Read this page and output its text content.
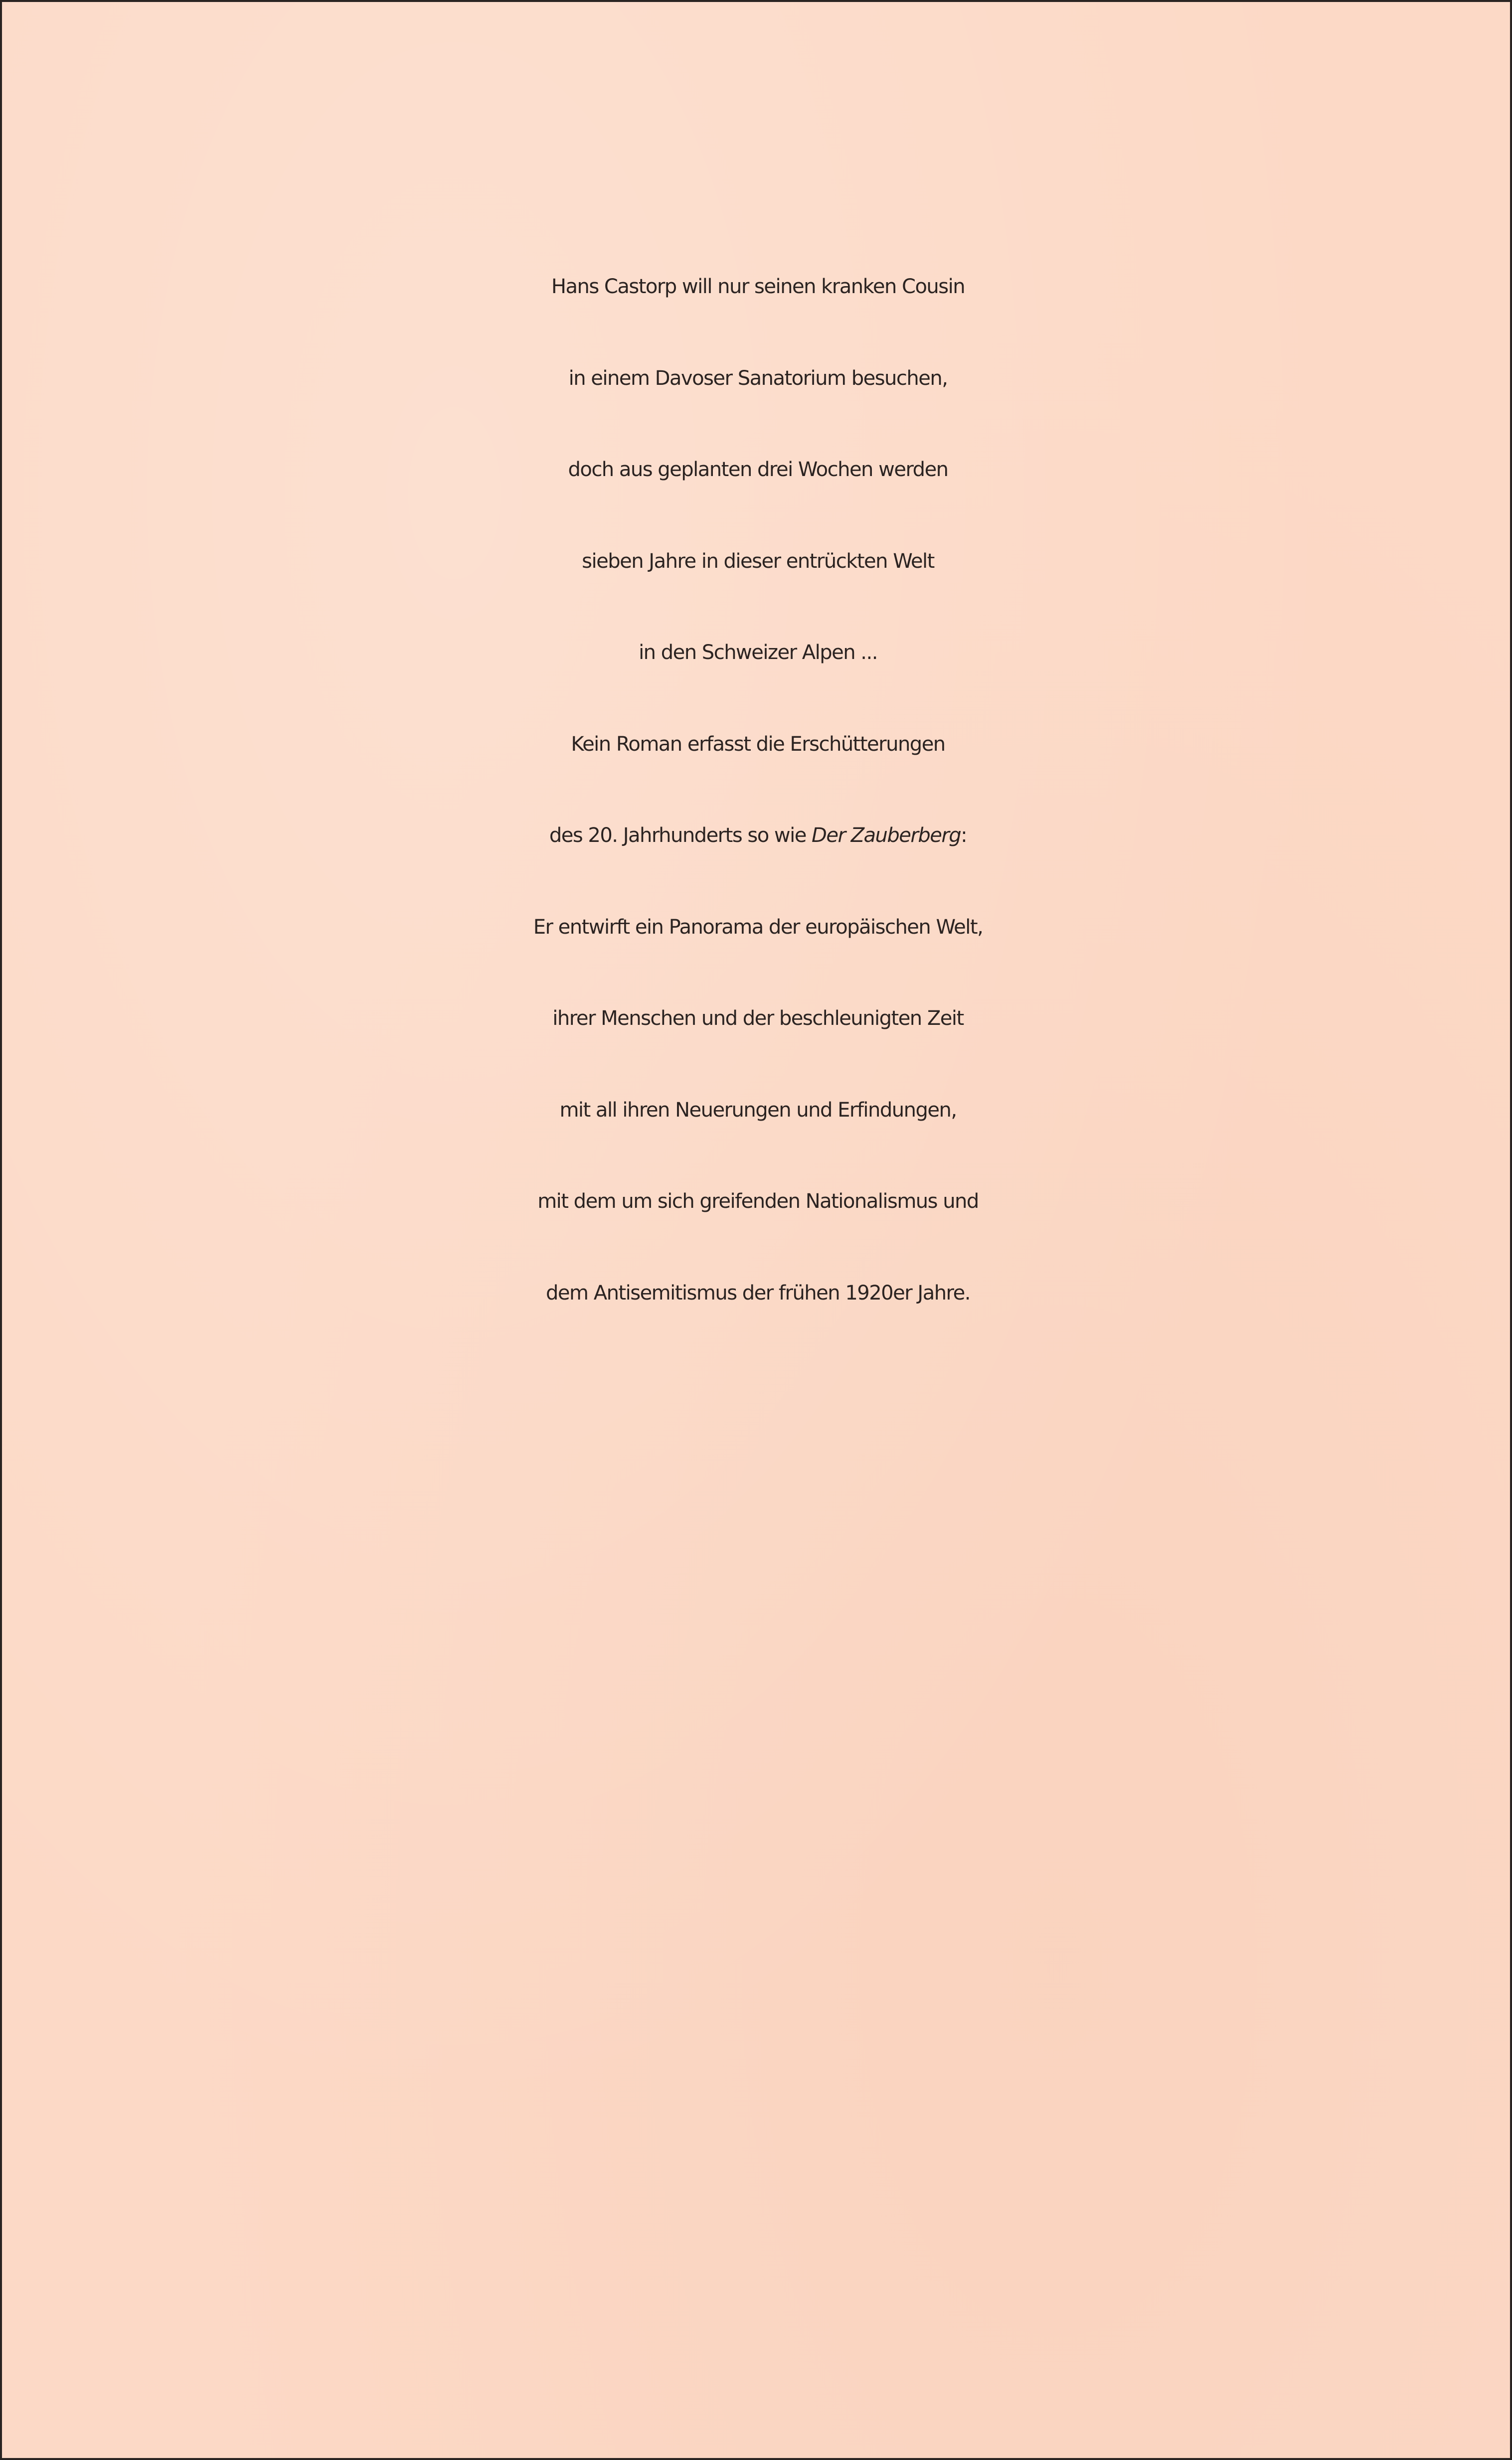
Hans Castorp will nur seinen kranken Cousin
in einem Davoser Sanatorium besuchen,
doch aus geplanten drei Wochen werden
sieben Jahre in dieser entrückten Welt
in den Schweizer Alpen ...
Kein Roman erfasst die Erschütterungen
des 20. Jahrhunderts so wie Der Zauberberg:
Er entwirft ein Panorama der europäischen Welt,
ihrer Menschen und der beschleunigten Zeit
mit all ihren Neuerungen und Erfindungen,
mit dem um sich greifenden Nationalismus und
dem Antisemitismus der frühen 1920er Jahre.
